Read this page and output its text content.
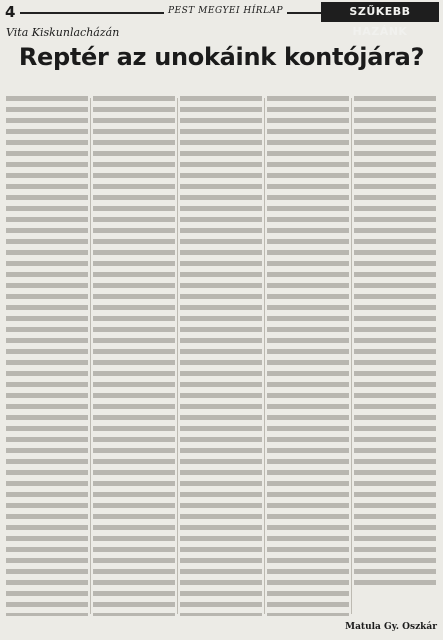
4	PEST MEGYEI HÍRLAP	SZŰKEBB HAZÁNK
Vita Kiskunlacházán
Reptér az unokáink kontójára?
Matula Gy. Oszkár
